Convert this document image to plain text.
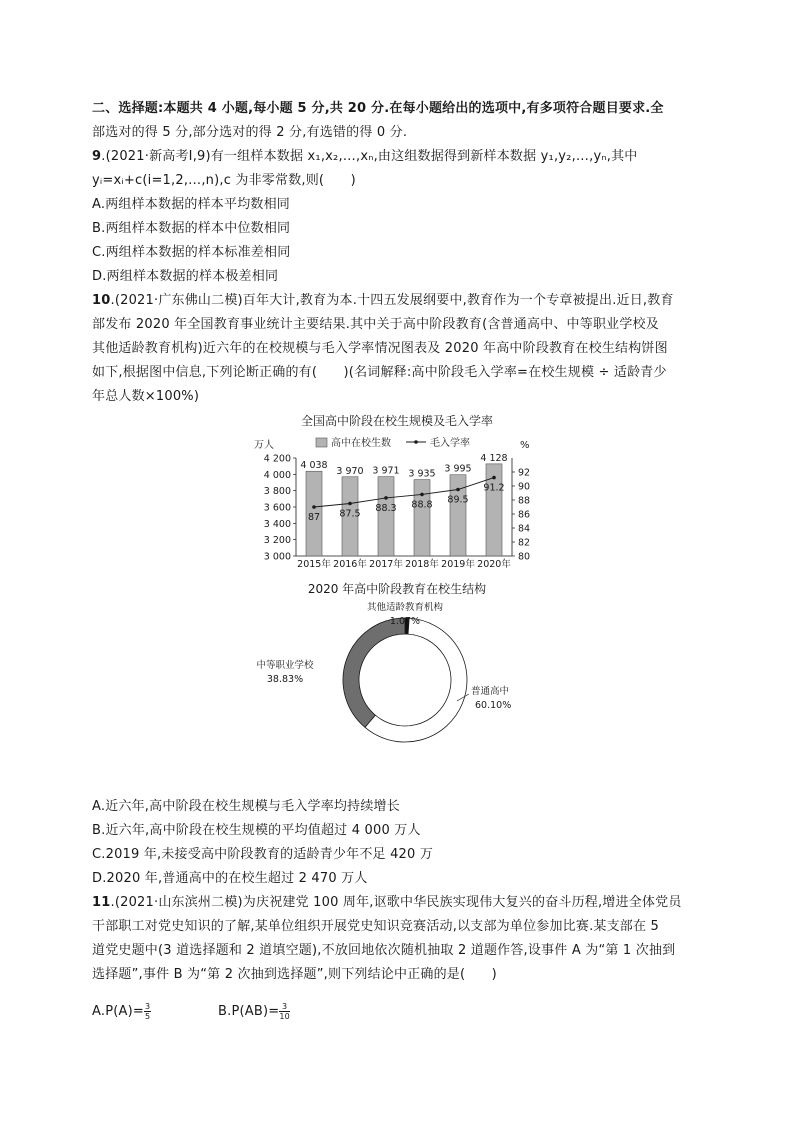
二、选择题:本题共 4 小题,每小题 5 分,共 20 分.在每小题给出的选项中,有多项符合题目要求.全
部选对的得 5 分,部分选对的得 2 分,有选错的得 0 分.
9.(2021·新高考Ⅰ,9)有一组样本数据 x₁,x₂,…,xₙ,由这组数据得到新样本数据 y₁,y₂,…,yₙ,其中
yᵢ=xᵢ+c(i=1,2,…,n),c 为非零常数,则(　　)
A.两组样本数据的样本平均数相同
B.两组样本数据的样本中位数相同
C.两组样本数据的样本标准差相同
D.两组样本数据的样本极差相同
10.(2021·广东佛山二模)百年大计,教育为本.十四五发展纲要中,教育作为一个专章被提出.近日,教育
部发布 2020 年全国教育事业统计主要结果.其中关于高中阶段教育(含普通高中、中等职业学校及
其他适龄教育机构)近六年的在校规模与毛入学率情况图表及 2020 年高中阶段教育在校生结构饼图
如下,根据图中信息,下列论断正确的有(　　)(名词解释:高中阶段毛入学率=在校生规模 ÷ 适龄青少
年总人数×100%)
全国高中阶段在校生规模及毛入学率
万人	%
高中在校生数	毛入学率
3 000
3 200
3 400
3 600
3 800
4 000
4 200
80
82
84
86
88
90
92
4 038
2015年
3 970
2016年
3 971
2017年
3 935
2018年
3 995
2019年
4 128
2020年
87 87.5
88.3 88.8 89.5
91.2
2020 年高中阶段教育在校生结构
其他适龄教育机构
1.07%
普通高中
60.10%
中等职业学校
38.83%
A.近六年,高中阶段在校生规模与毛入学率均持续增长
B.近六年,高中阶段在校生规模的平均值超过 4 000 万人
C.2019 年,未接受高中阶段教育的适龄青少年不足 420 万
D.2020 年,普通高中的在校生超过 2 470 万人
11.(2021·山东滨州二模)为庆祝建党 100 周年,讴歌中华民族实现伟大复兴的奋斗历程,增进全体党员
干部职工对党史知识的了解,某单位组织开展党史知识竞赛活动,以支部为单位参加比赛.某支部在 5
道党史题中(3 道选择题和 2 道填空题),不放回地依次随机抽取 2 道题作答,设事件 A 为“第 1 次抽到
选择题”,事件 B 为“第 2 次抽到选择题”,则下列结论中正确的是(　　)
$A.P(A)= \frac{3}{5}$	$B.P(AB)= \frac{3}{10}$
